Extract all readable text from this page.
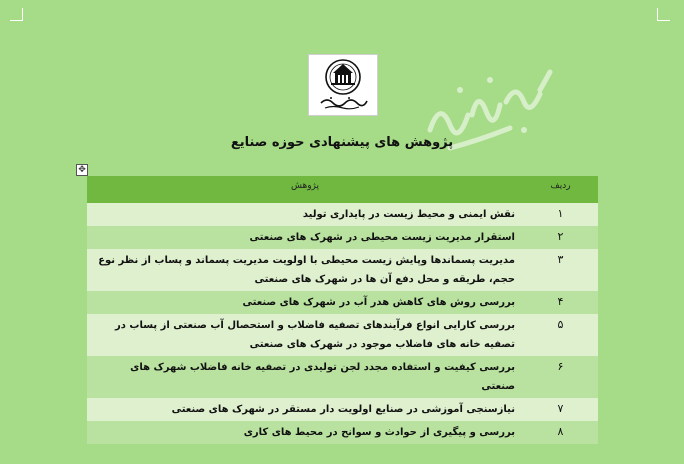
پژوهش های پیشنهادی حوزه صنایع
✥
ردیف	پژوهش
۱	نقش ایمنی و محیط زیست در پایداری تولید
۲	استقرار مدیریت زیست محیطی در شهرک های صنعتی
۳	مدیریت پسماندها وپایش زیست محیطی با اولویت مدیریت پسماند و پساب از نظر نوع حجم، طریقه و محل دفع آن ها در شهرک های صنعتی
۴	بررسی روش های کاهش هدر آب در شهرک های صنعتی
۵	بررسی کارایی انواع فرآیندهای تصفیه فاضلاب و استحصال آب صنعتی از پساب در تصفیه خانه های فاضلاب موجود در شهرک های صنعتی
۶	بررسی کیفیت و استفاده مجدد لجن تولیدی در تصفیه خانه فاضلاب شهرک های صنعتی
۷	نیازسنجی آموزشی در صنایع اولویت دار مستقر در شهرک های صنعتی
۸	بررسی و پیگیری از حوادث و سوانح در محیط های کاری
